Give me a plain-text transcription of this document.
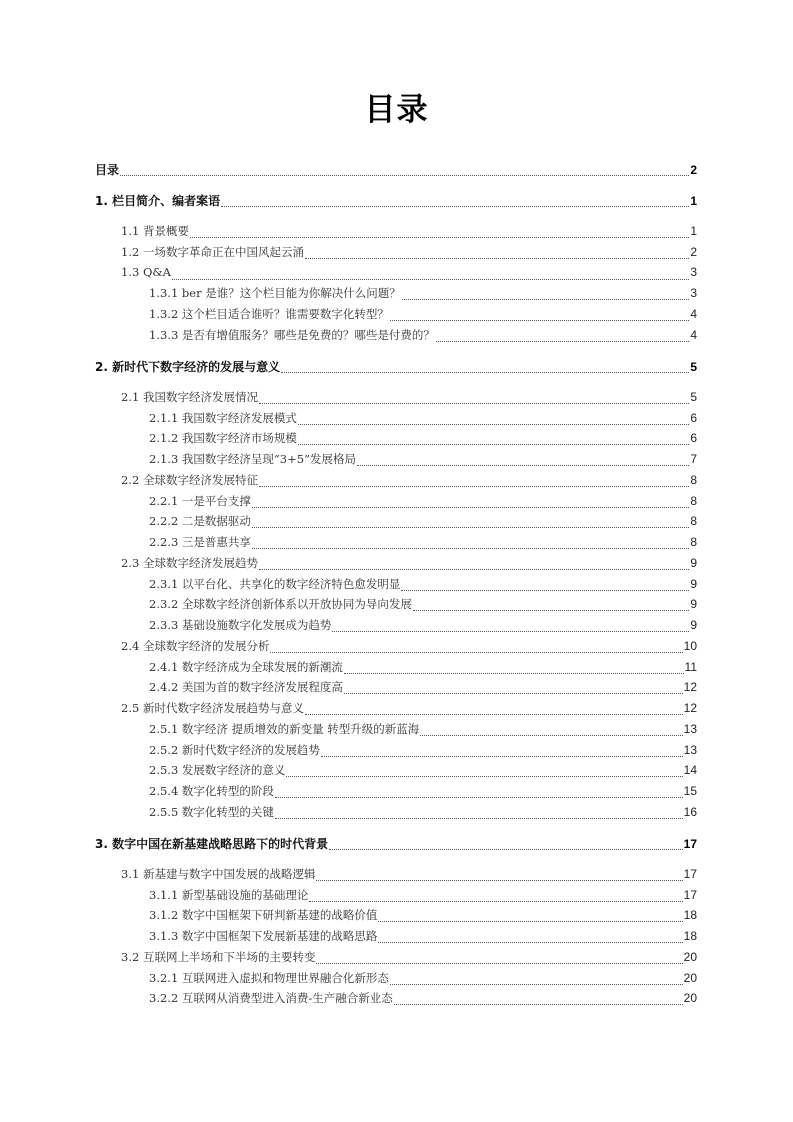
目录
目录	2
1. 栏目简介、编者案语	1
1.1 背景概要	1
1.2 一场数字革命正在中国风起云涌	2
1.3 Q&A	3
1.3.1 ber 是谁？这个栏目能为你解决什么问题？	3
1.3.2 这个栏目适合谁听？谁需要数字化转型？	4
1.3.3 是否有增值服务？哪些是免费的？哪些是付费的？	4
2. 新时代下数字经济的发展与意义	5
2.1 我国数字经济发展情况	5
2.1.1 我国数字经济发展模式	6
2.1.2 我国数字经济市场规模	6
2.1.3 我国数字经济呈现“3+5”发展格局	7
2.2 全球数字经济发展特征	8
2.2.1 一是平台支撑	8
2.2.2 二是数据驱动	8
2.2.3 三是普惠共享	8
2.3 全球数字经济发展趋势	9
2.3.1 以平台化、共享化的数字经济特色愈发明显	9
2.3.2 全球数字经济创新体系以开放协同为导向发展	9
2.3.3 基础设施数字化发展成为趋势	9
2.4 全球数字经济的发展分析	10
2.4.1 数字经济成为全球发展的新潮流	11
2.4.2 美国为首的数字经济发展程度高	12
2.5 新时代数字经济发展趋势与意义	12
2.5.1 数字经济 提质增效的新变量 转型升级的新蓝海	13
2.5.2 新时代数字经济的发展趋势	13
2.5.3 发展数字经济的意义	14
2.5.4 数字化转型的阶段	15
2.5.5 数字化转型的关键	16
3. 数字中国在新基建战略思路下的时代背景	17
3.1 新基建与数字中国发展的战略逻辑	17
3.1.1 新型基础设施的基础理论	17
3.1.2 数字中国框架下研判新基建的战略价值	18
3.1.3 数字中国框架下发展新基建的战略思路	18
3.2 互联网上半场和下半场的主要转变	20
3.2.1 互联网进入虚拟和物理世界融合化新形态	20
3.2.2 互联网从消费型进入消费-生产融合新业态	20
